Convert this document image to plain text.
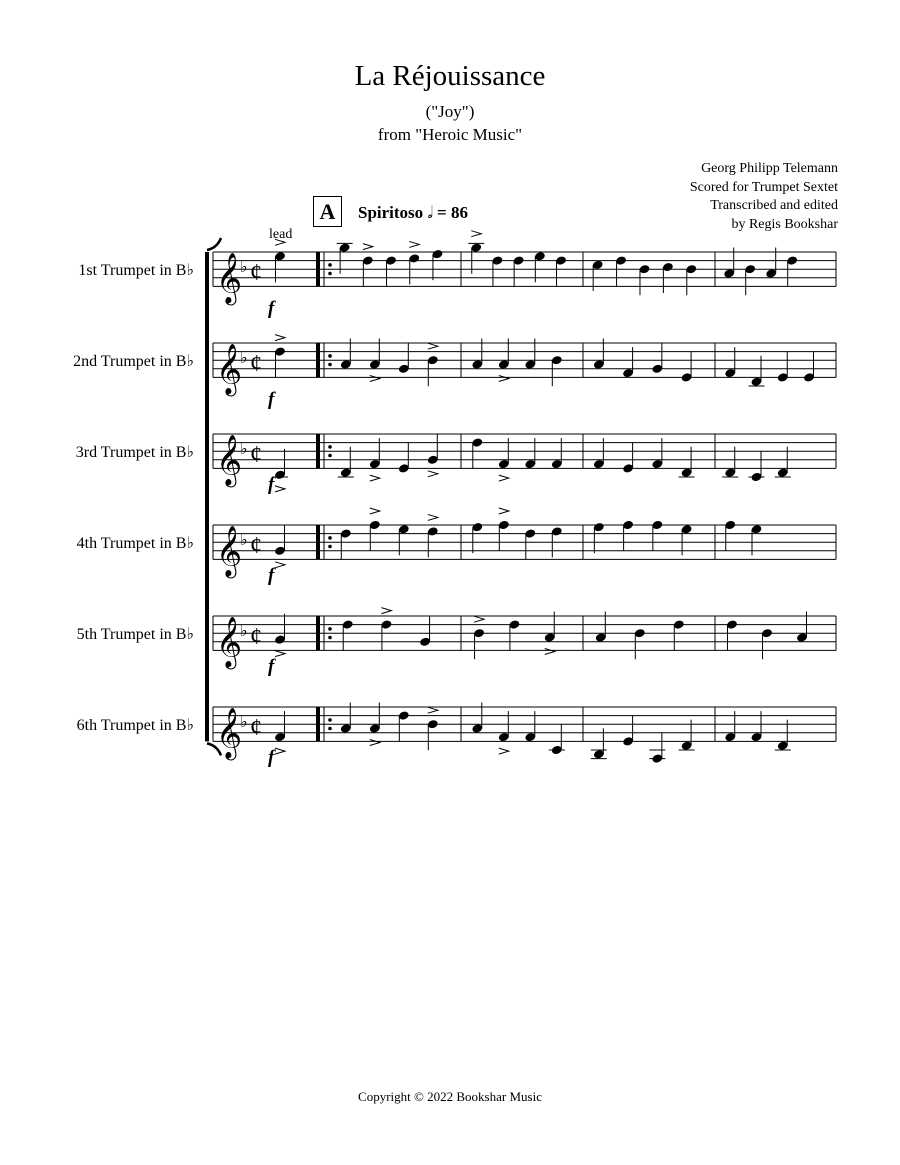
La Réjouissance
("Joy")
from "Heroic Music"
Georg Philipp Telemann
Scored for Trumpet Sextet
Transcribed and edited
by Regis Bookshar
A	Spiritoso 𝅗𝅥 = 86
lead
1st Trumpet in B♭
2nd Trumpet in B♭
3rd Trumpet in B♭
4th Trumpet in B♭
5th Trumpet in B♭
6th Trumpet in B♭
𝄞
♭ ¢
f
𝄞
♭ ¢
f
𝄞
♭ ¢
f
𝄞
♭ ¢
f
𝄞
♭ ¢
f
𝄞
♭ ¢
f
Copyright © 2022 Bookshar Music
